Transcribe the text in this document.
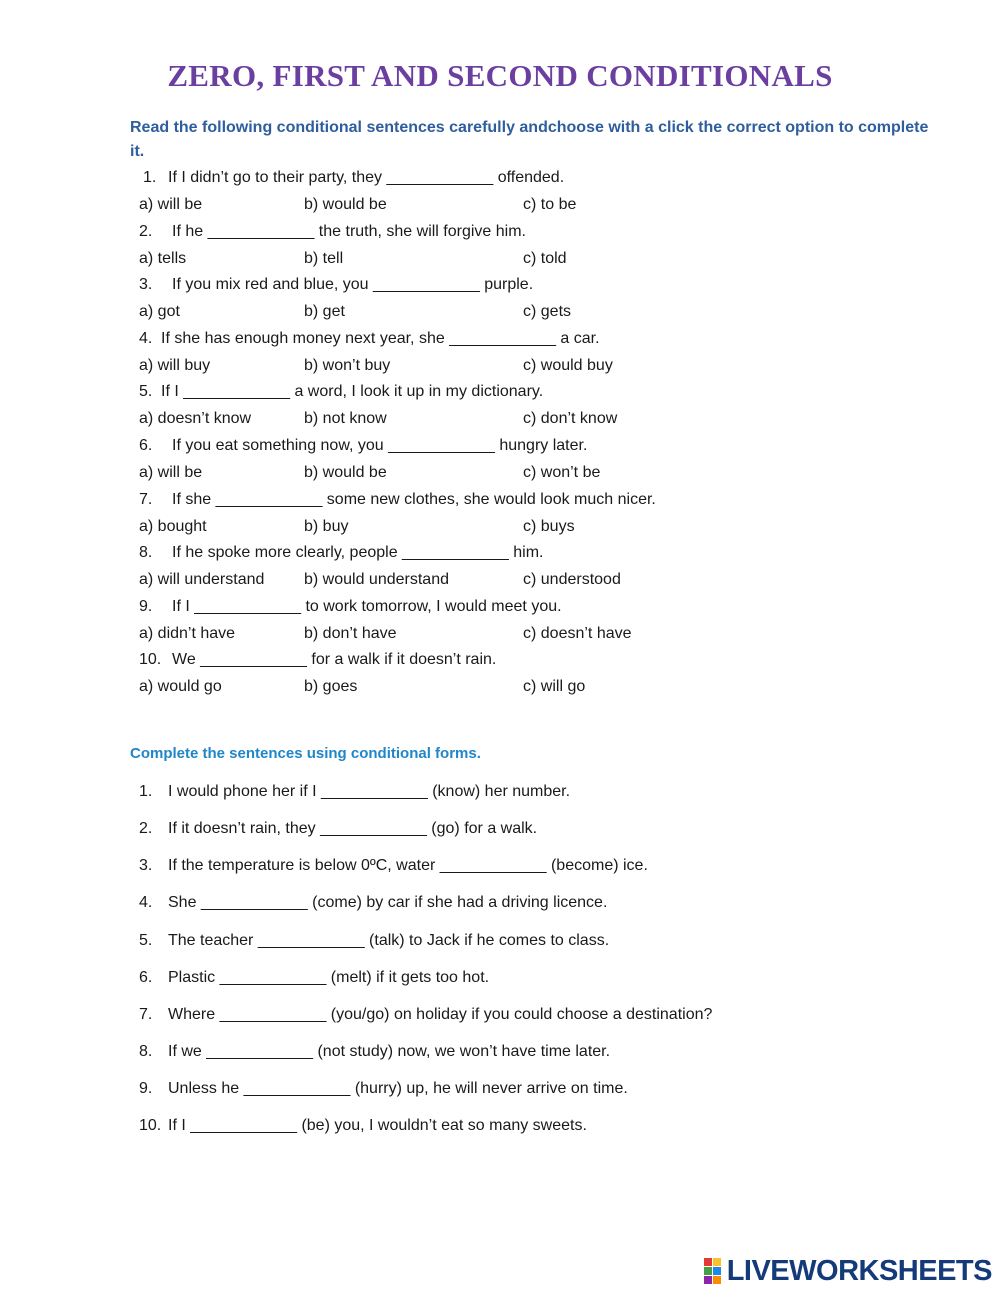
ZERO, FIRST AND SECOND CONDITIONALS
Read the following conditional sentences carefully andchoose with a click the correct option to complete it.
1. If I didn’t go to their party, they ____________ offended.
a) will be	b) would be	c) to be
2. If he ____________ the truth, she will forgive him.
a) tells	b) tell	c) told
3. If you mix red and blue, you ____________ purple.
a) got	b) get	c) gets
4. If she has enough money next year, she ____________ a car.
a) will buy	b) won’t buy	c) would buy
5. If I ____________ a word, I look it up in my dictionary.
a) doesn’t know	b) not know	c) don’t know
6. If you eat something now, you ____________ hungry later.
a) will be	b) would be	c) won’t be
7. If she ____________ some new clothes, she would look much nicer.
a) bought	b) buy	c) buys
8. If he spoke more clearly, people ____________ him.
a) will understand b) would understand	c) understood
9. If I ____________ to work tomorrow, I would meet you.
a) didn’t have	b) don’t have	c) doesn’t have
10. We ____________ for a walk if it doesn’t rain.
a) would go	b) goes	c) will go
Complete the sentences using conditional forms.
1. I would phone her if I ____________ (know) her number.
2. If it doesn’t rain, they ____________ (go) for a walk.
3. If the temperature is below 0ºC, water ____________ (become) ice.
4. She ____________ (come) by car if she had a driving licence.
5. The teacher ____________ (talk) to Jack if he comes to class.
6. Plastic ____________ (melt) if it gets too hot.
7. Where ____________ (you/go) on holiday if you could choose a destination?
8. If we ____________ (not study) now, we won’t have time later.
9. Unless he ____________ (hurry) up, he will never arrive on time.
10. If I ____________ (be) you, I wouldn’t eat so many sweets.
LIVEWORKSHEETS
